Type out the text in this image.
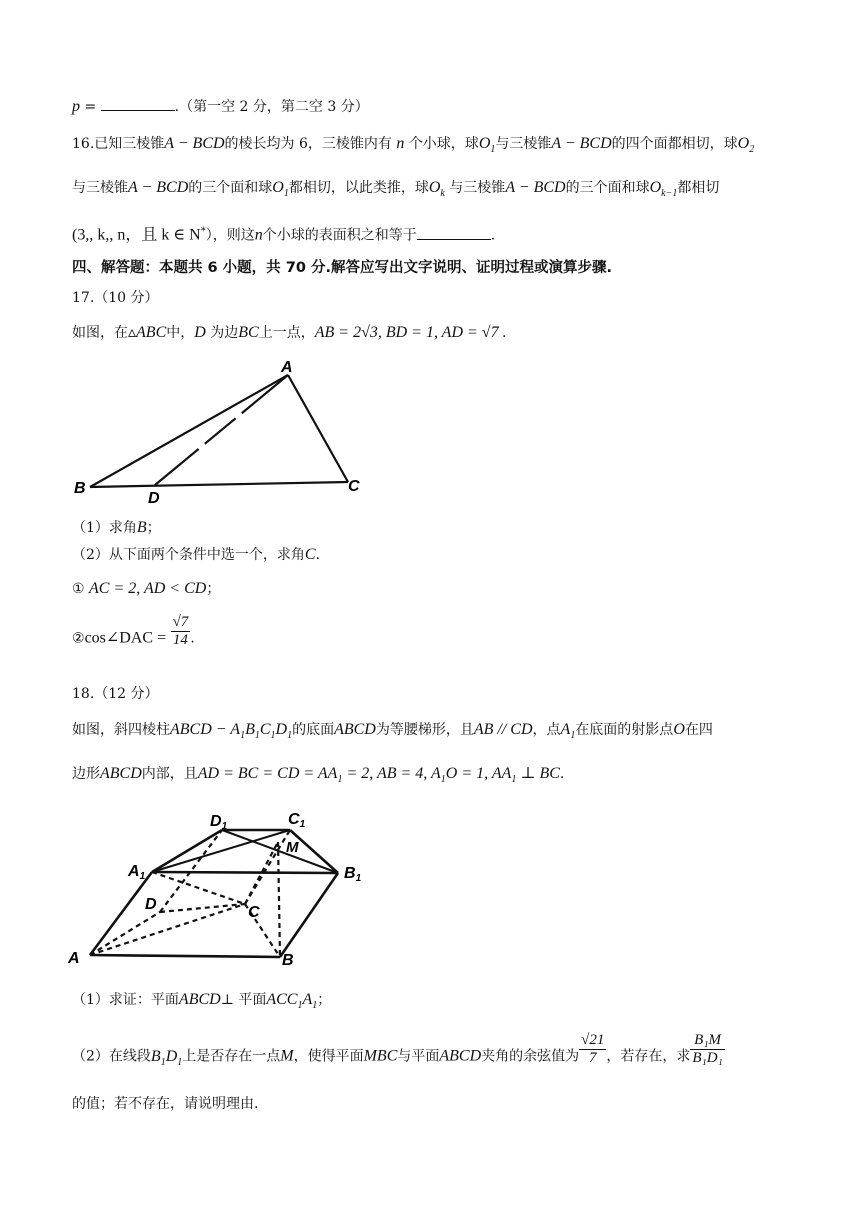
p =	.（第一空 2 分，第二空 3 分）
16.已知三棱锥A − BCD的棱长均为 6，三棱锥内有 n 个小球，球$O_1$与三棱锥A − BCD的四个面都相切，球$O_2$
与三棱锥A − BCD的三个面和球$O_1$都相切，以此类推，球$O_k$ 与三棱锥A − BCD的三个面和球$O_{k-1}$都相切
(3,, k,, n，且 k ∈ N*），则这n个小球的表面积之和等于	.
四、解答题：本题共 6 小题，共 70 分.解答应写出文字说明、证明过程或演算步骤.
17.（10 分）
如图，在▵ABC中，D 为边BC上一点，AB = 2√3, BD = 1, AD = √7 .
A
B
D
C
（1）求角B；
（2）从下面两个条件中选一个，求角C.
① AC = 2, AD < CD；
②cos∠DAC = $\frac{√7}{14}$ .
18.（12 分）
如图，斜四棱柱ABCD − $A_1B_1C_1D_1$的底面ABCD为等腰梯形，且AB // CD，点$A_1$在底面的射影点O在四
边形ABCD内部，且AD = BC = CD = $AA_1 = 2$, AB = 4, $A_1O = 1$, $AA_1$ ⊥ BC.
D1	C1
M
A1	B1
D	C
A	B
（1）求证：平面ABCD⊥ 平面$ACC_1A_1$；
（2）在线段$B_1D_1$上是否存在一点M，使得平面MBC与平面ABCD夹角的余弦值为 $\frac{√21}{7}$ ，若存在，求 $\frac{\text{B₁M}}{\text{B₁D₁}}$
的值；若不存在，请说明理由.
